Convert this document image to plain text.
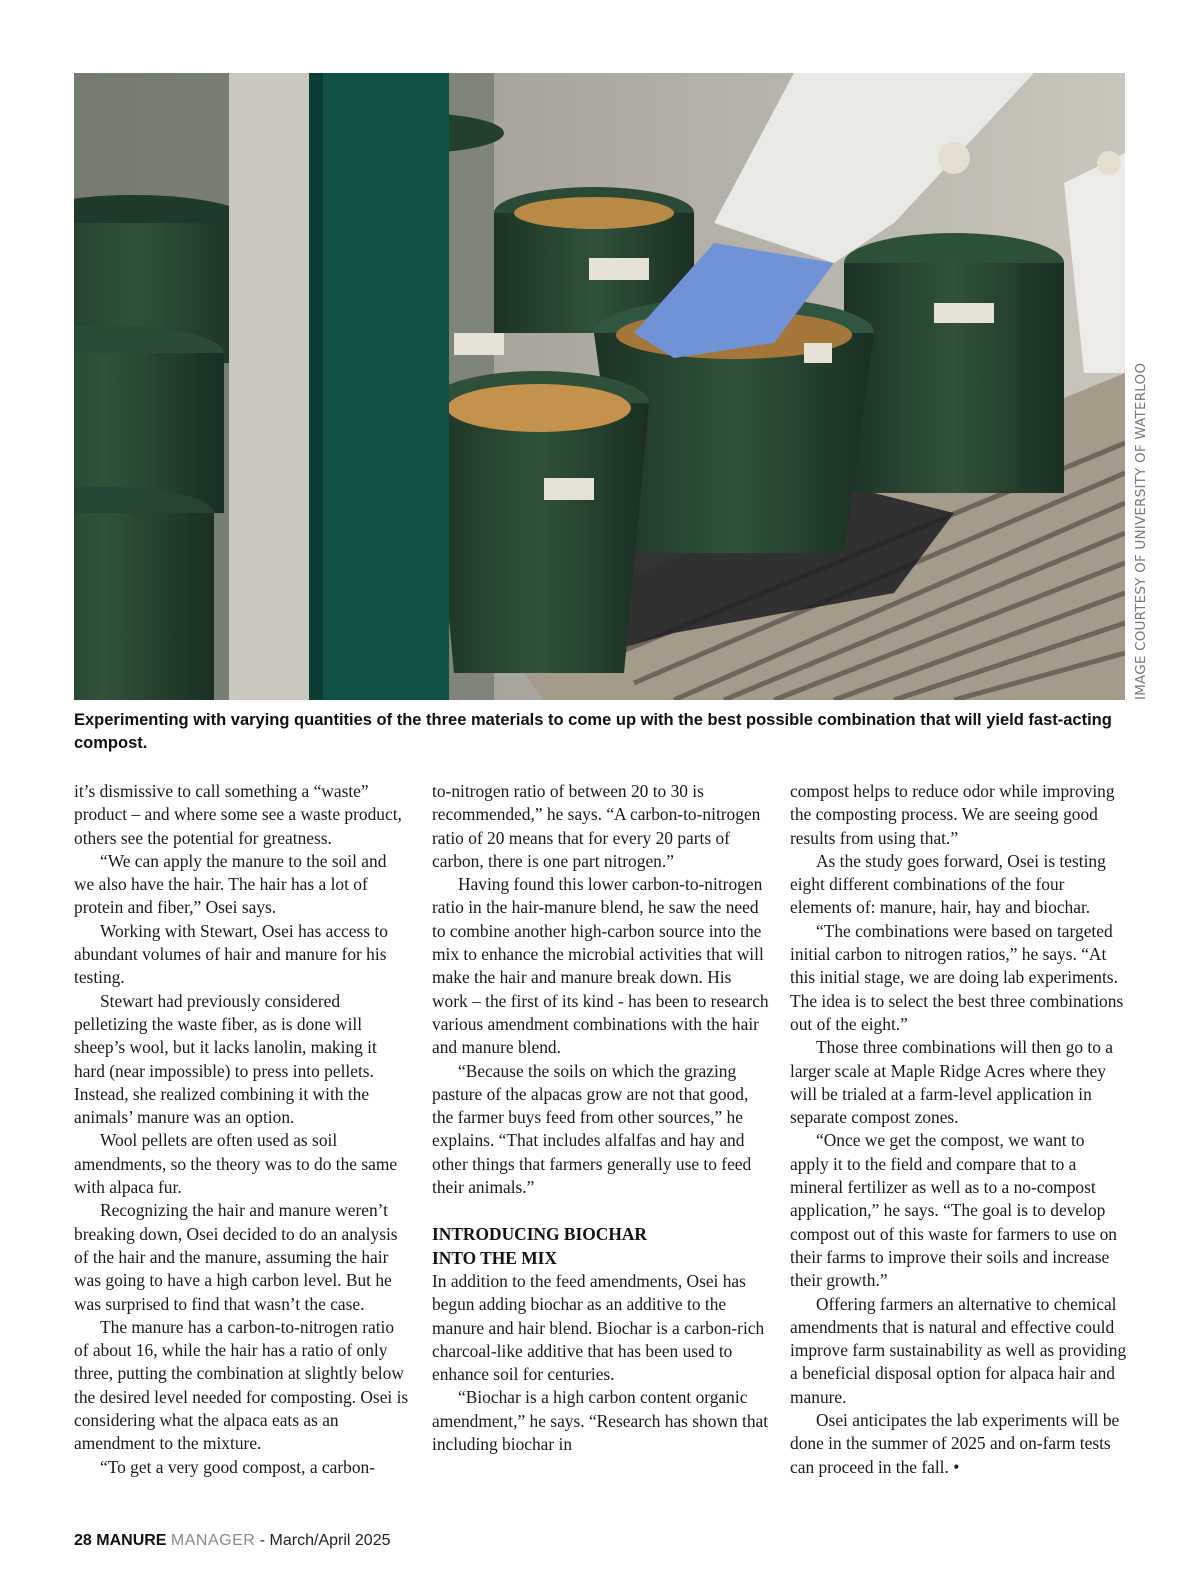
IMAGE COURTESY OF UNIVERSITY OF WATERLOO
Experimenting with varying quantities of the three materials to come up with the best possible combination that will yield fast-acting compost.

it’s dismissive to call something a “waste” product – and where some see a waste product, others see the potential for greatness.

“We can apply the manure to the soil and we also have the hair. The hair has a lot of protein and fiber,” Osei says.

Working with Stewart, Osei has access to abundant volumes of hair and manure for his testing.

Stewart had previously considered pelletizing the waste fiber, as is done will sheep’s wool, but it lacks lanolin, making it hard (near impossible) to press into pellets. Instead, she realized combining it with the animals’ manure was an option.

Wool pellets are often used as soil amendments, so the theory was to do the same with alpaca fur.

Recognizing the hair and manure weren’t breaking down, Osei decided to do an analysis of the hair and the manure, assuming the hair was going to have a high carbon level. But he was surprised to find that wasn’t the case.

The manure has a carbon-to-nitrogen ratio of about 16, while the hair has a ratio of only three, putting the combination at slightly below the desired level needed for composting. Osei is considering what the alpaca eats as an amendment to the mixture.

“To get a very good compost, a carbon-

to-nitrogen ratio of between 20 to 30 is recommended,” he says. “A carbon-to-nitrogen ratio of 20 means that for every 20 parts of carbon, there is one part nitrogen.”

Having found this lower carbon-to-nitrogen ratio in the hair-manure blend, he saw the need to combine another high-carbon source into the mix to enhance the microbial activities that will make the hair and manure break down. His work – the first of its kind - has been to research various amendment combinations with the hair and manure blend.

“Because the soils on which the grazing pasture of the alpacas grow are not that good, the farmer buys feed from other sources,” he explains. “That includes alfalfas and hay and other things that farmers generally use to feed their animals.”

INTRODUCING BIOCHAR
INTO THE MIX

In addition to the feed amendments, Osei has begun adding biochar as an additive to the manure and hair blend. Biochar is a carbon-rich charcoal-like additive that has been used to enhance soil for centuries.

“Biochar is a high carbon content organic amendment,” he says. “Research has shown that including biochar in

compost helps to reduce odor while improving the composting process. We are seeing good results from using that.”

As the study goes forward, Osei is testing eight different combinations of the four elements of: manure, hair, hay and biochar.

“The combinations were based on targeted initial carbon to nitrogen ratios,” he says. “At this initial stage, we are doing lab experiments. The idea is to select the best three combinations out of the eight.”

Those three combinations will then go to a larger scale at Maple Ridge Acres where they will be trialed at a farm-level application in separate compost zones.

“Once we get the compost, we want to apply it to the field and compare that to a mineral fertilizer as well as to a no-compost application,” he says. “The goal is to develop compost out of this waste for farmers to use on their farms to improve their soils and increase their growth.”

Offering farmers an alternative to chemical amendments that is natural and effective could improve farm sustainability as well as providing a beneficial disposal option for alpaca hair and manure.

Osei anticipates the lab experiments will be done in the summer of 2025 and on-farm tests can proceed in the fall. •

28 MANURE MANAGER - March/April 2025
